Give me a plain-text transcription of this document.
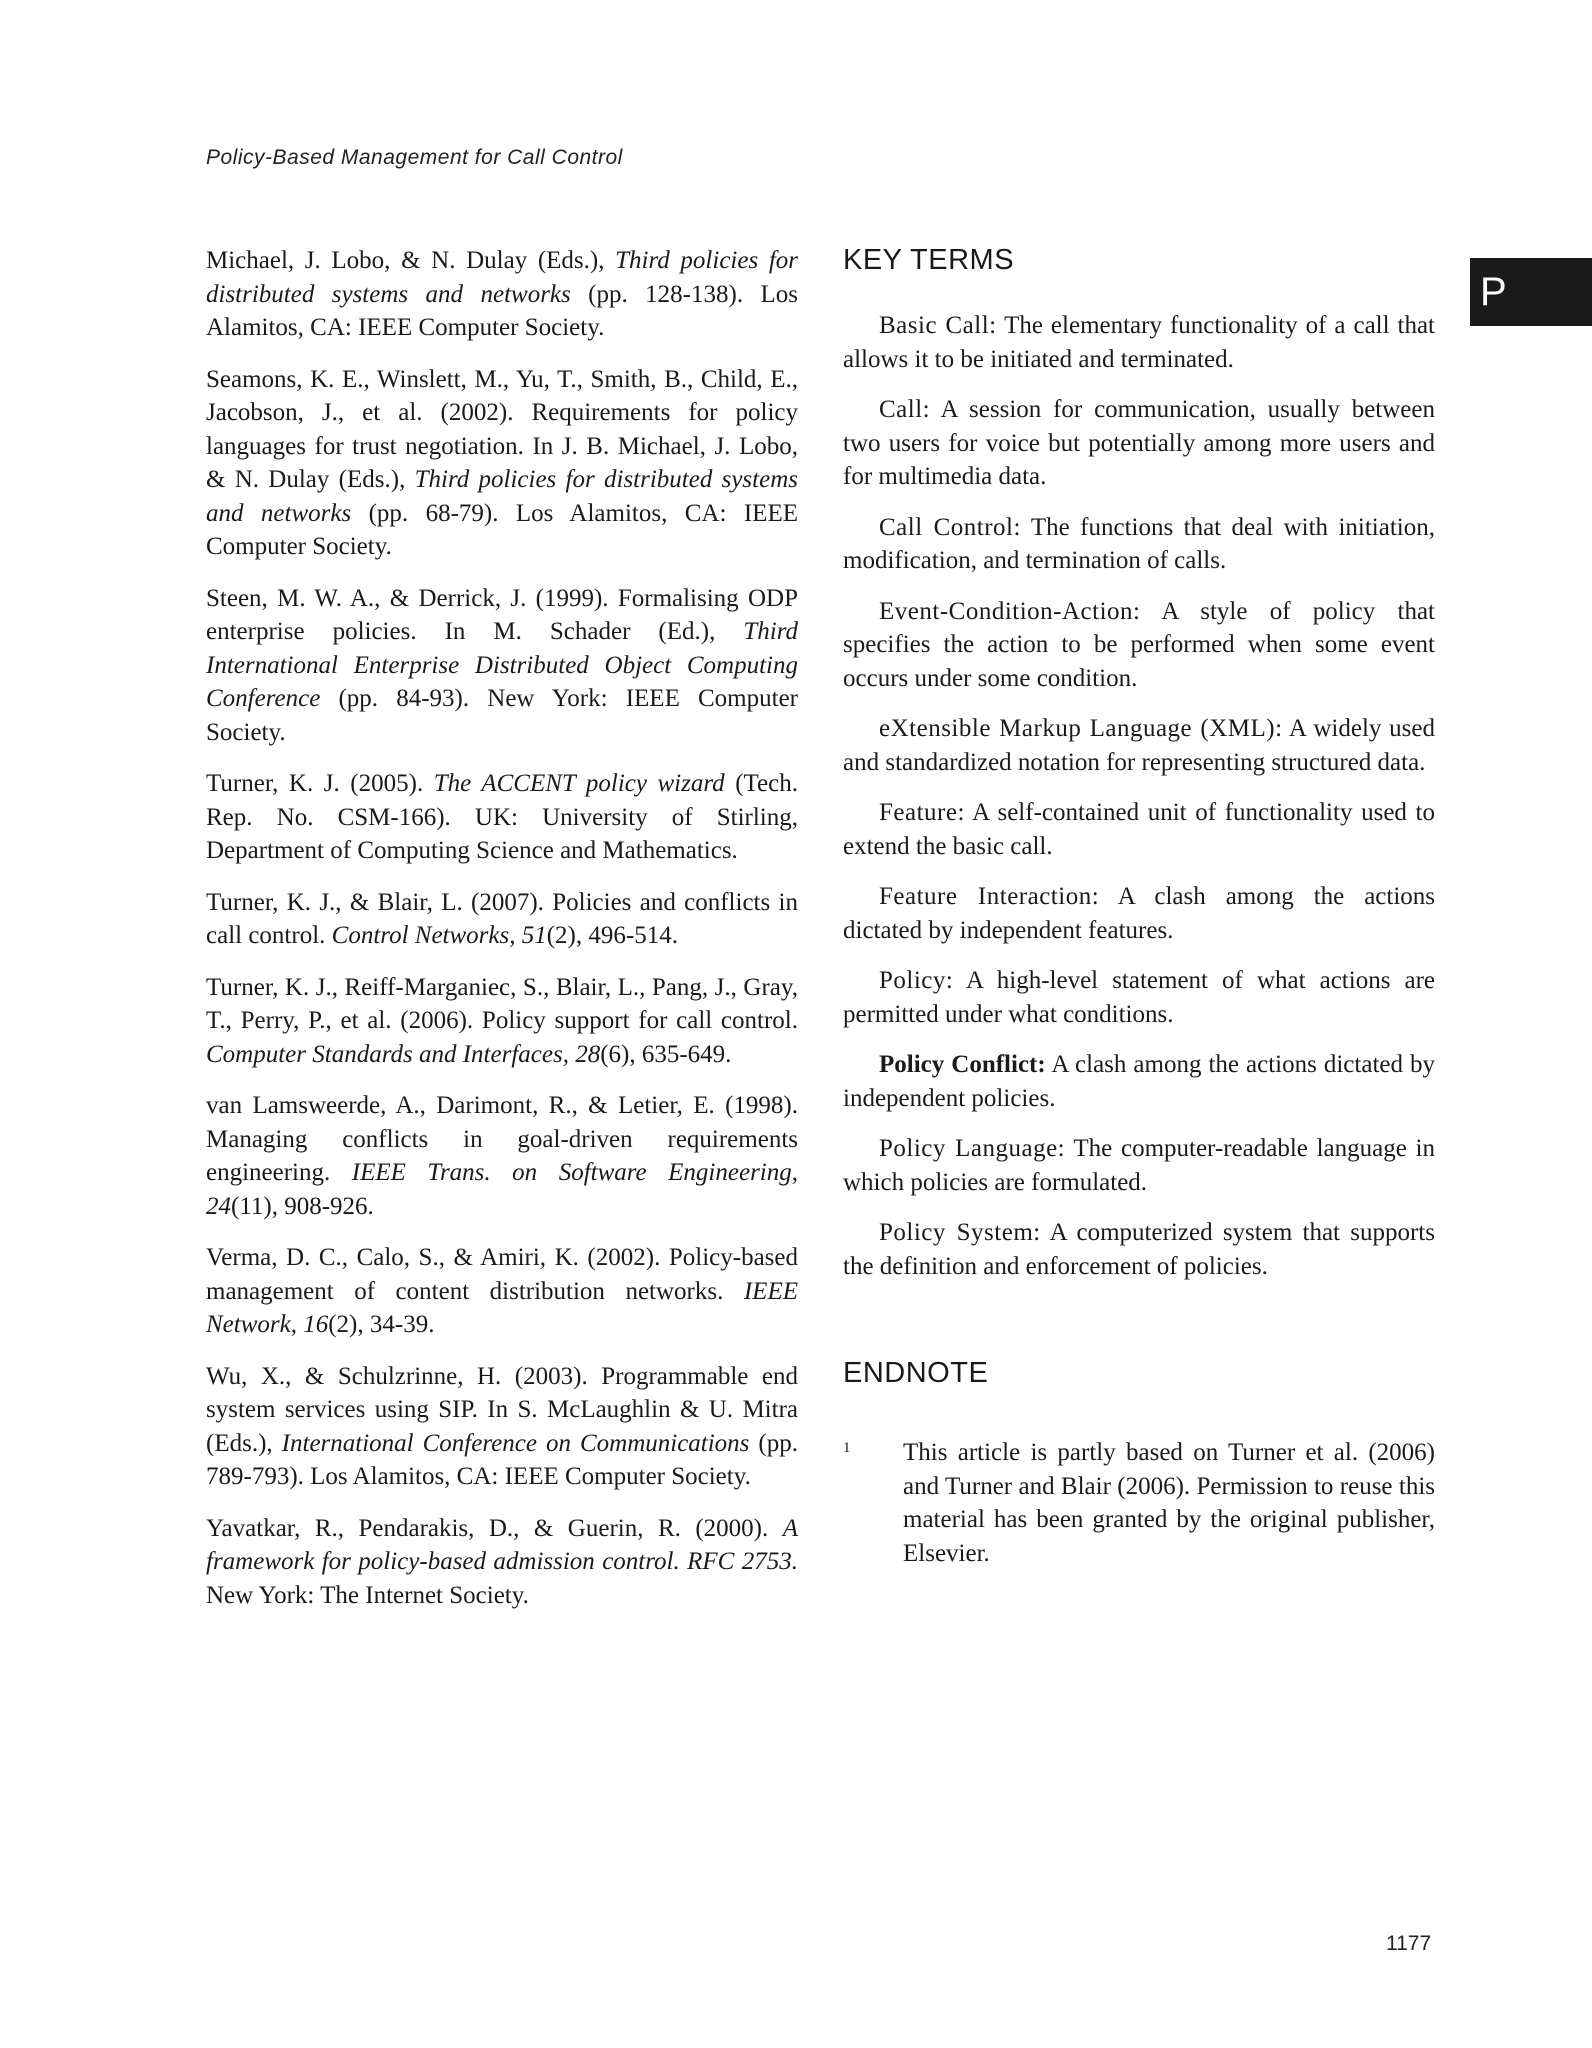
Policy-Based Management for Call Control
P

Michael, J. Lobo, & N. Dulay (Eds.), Third policies for distributed systems and networks (pp. 128-138). Los Alamitos, CA: IEEE Computer Society.

Seamons, K. E., Winslett, M., Yu, T., Smith, B., Child, E., Jacobson, J., et al. (2002). Requirements for policy languages for trust negotiation. In J. B. Michael, J. Lobo, & N. Dulay (Eds.), Third policies for distributed systems and networks (pp. 68-79). Los Alamitos, CA: IEEE Computer Society.

Steen, M. W. A., & Derrick, J. (1999). Formalising ODP enterprise policies. In M. Schader (Ed.), Third International Enterprise Distributed Object Computing Conference (pp. 84-93). New York: IEEE Computer Society.

Turner, K. J. (2005). The ACCENT policy wizard (Tech. Rep. No. CSM-166). UK: University of Stirling, Department of Computing Science and Mathematics.

Turner, K. J., & Blair, L. (2007). Policies and conflicts in call control. Control Networks, 51(2), 496-514.

Turner, K. J., Reiff-Marganiec, S., Blair, L., Pang, J., Gray, T., Perry, P., et al. (2006). Policy support for call control. Computer Standards and Interfaces, 28(6), 635-649.

van Lamsweerde, A., Darimont, R., & Letier, E. (1998). Managing conflicts in goal-driven requirements engineering. IEEE Trans. on Software Engineering, 24(11), 908-926.

Verma, D. C., Calo, S., & Amiri, K. (2002). Policy-based management of content distribution networks. IEEE Network, 16(2), 34-39.

Wu, X., & Schulzrinne, H. (2003). Programmable end system services using SIP. In S. McLaughlin & U. Mitra (Eds.), International Conference on Communications (pp. 789-793). Los Alamitos, CA: IEEE Computer Society.

Yavatkar, R., Pendarakis, D., & Guerin, R. (2000). A framework for policy-based admission control. RFC 2753. New York: The Internet Society.

KEY TERMS

Basic Call: The elementary functionality of a call that allows it to be initiated and terminated.

Call: A session for communication, usually between two users for voice but potentially among more users and for multimedia data.

Call Control: The functions that deal with initiation, modification, and termination of calls.

Event-Condition-Action: A style of policy that specifies the action to be performed when some event occurs under some condition.

eXtensible Markup Language (XML): A widely used and standardized notation for representing structured data.

Feature: A self-contained unit of functionality used to extend the basic call.

Feature Interaction: A clash among the actions dictated by independent features.

Policy: A high-level statement of what actions are permitted under what conditions.

Policy Conflict: A clash among the actions dictated by independent policies.

Policy Language: The computer-readable language in which policies are formulated.

Policy System: A computerized system that supports the definition and enforcement of policies.

ENDNOTE
1 This article is partly based on Turner et al. (2006) and Turner and Blair (2006). Permission to reuse this material has been granted by the original publisher, Elsevier.
1177
